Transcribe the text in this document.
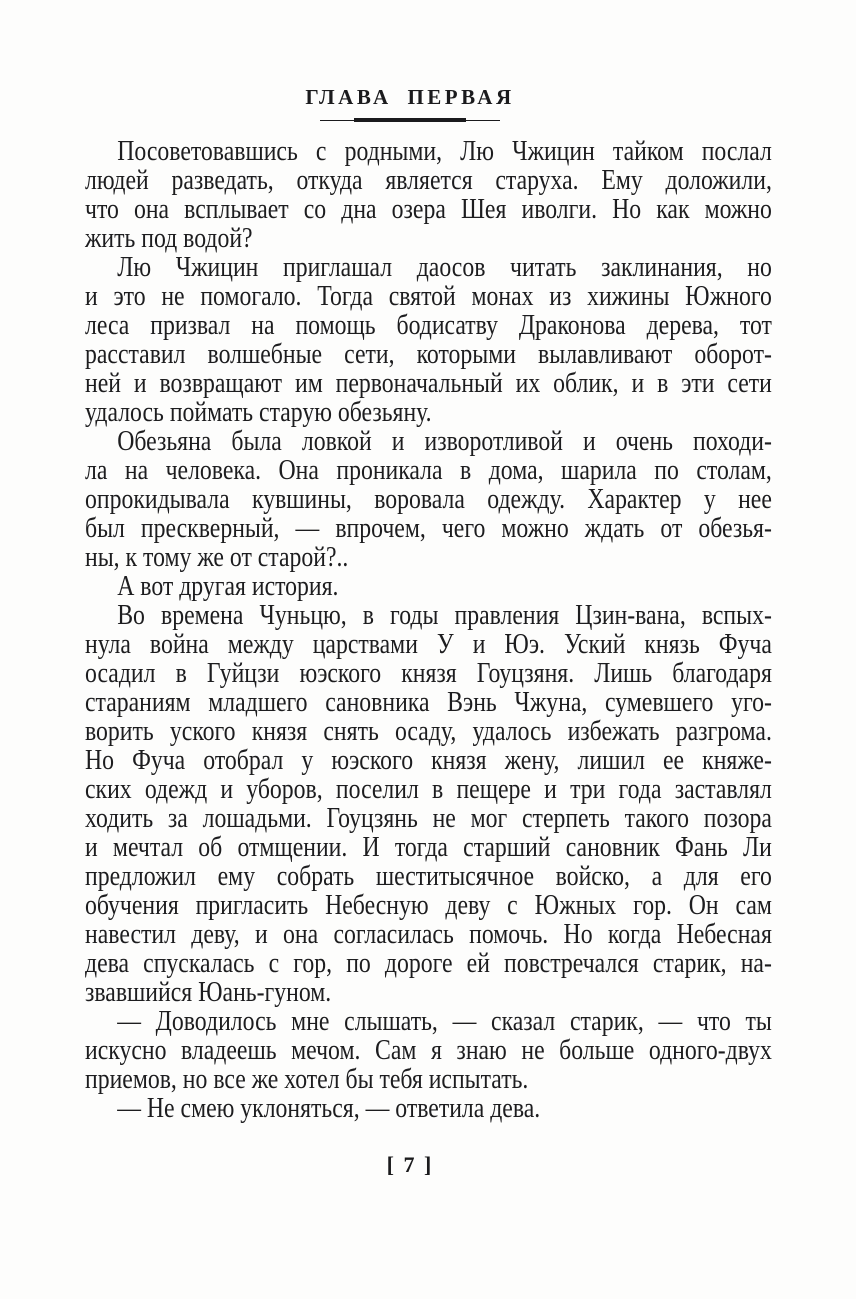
ГЛАВА ПЕРВАЯ
Посоветовавшись с родными, Лю Чжицин тайком послал
людей разведать, откуда является старуха. Ему доложили,
что она всплывает со дна озера Шея иволги. Но как можно
жить под водой?
Лю Чжицин приглашал даосов читать заклинания, но
и это не помогало. Тогда святой монах из хижины Южного
леса призвал на помощь бодисатву Драконова дерева, тот
расставил волшебные сети, которыми вылавливают оборот-
ней и возвращают им первоначальный их облик, и в эти сети
удалось поймать старую обезьяну.
Обезьяна была ловкой и изворотливой и очень походи-
ла на человека. Она проникала в дома, шарила по столам,
опрокидывала кувшины, воровала одежду. Характер у нее
был прескверный, — впрочем, чего можно ждать от обезья-
ны, к тому же от старой?..
А вот другая история.
Во времена Чуньцю, в годы правления Цзин-вана, вспых-
нула война между царствами У и Юэ. Уский князь Фуча
осадил в Гуйцзи юэского князя Гоуцзяня. Лишь благодаря
стараниям младшего сановника Вэнь Чжуна, сумевшего уго-
ворить уского князя снять осаду, удалось избежать разгрома.
Но Фуча отобрал у юэского князя жену, лишил ее княже-
ских одежд и уборов, поселил в пещере и три года заставлял
ходить за лошадьми. Гоуцзянь не мог стерпеть такого позора
и мечтал об отмщении. И тогда старший сановник Фань Ли
предложил ему собрать шеститысячное войско, а для его
обучения пригласить Небесную деву с Южных гор. Он сам
навестил деву, и она согласилась помочь. Но когда Небесная
дева спускалась с гор, по дороге ей повстречался старик, на-
звавшийся Юань-гуном.
— Доводилось мне слышать, — сказал старик, — что ты
искусно владеешь мечом. Сам я знаю не больше одного-двух
приемов, но все же хотел бы тебя испытать.
— Не смею уклоняться, — ответила дева.
[ 7 ]
